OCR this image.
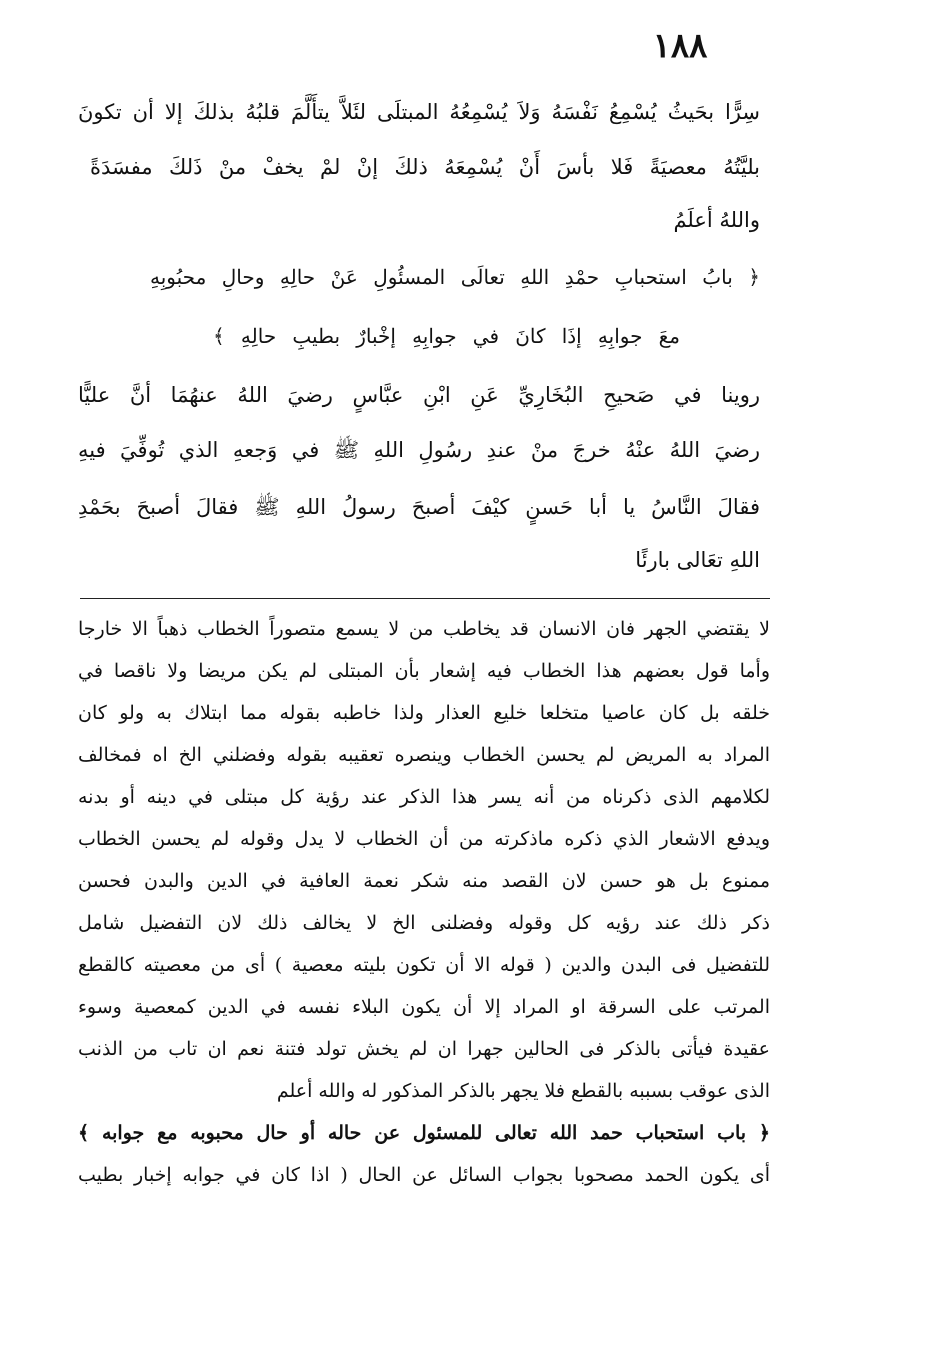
١٨٨
سِرًّا بحَيثُ يُسْمِعُ نَفْسَهُ وَلاَ يُسْمِعُهُ المبتلَى لئَلاَّ يتأَلَّمَ قلبُهُ بذلكَ إلا أن تكونَ
بليَّتُهُ معصيَةً فَلا بأسَ أَنْ يُسْمِعَهُ ذلكَ إنْ لمْ يخفْ منْ ذَلكَ مفسَدَةً
واللهُ أعلَمُ
﴿ بابُ استحبابِ حمْدِ اللهِ تعالَى المسئُولِ عَنْ حالِهِ وحالِ محبُوبِهِ
معَ جوابِهِ إذَا كانَ في جوابِهِ إخْبارٌ بطيبِ حالِهِ ﴾
روينا في صَحيحِ البُخَارِيِّ عَنِ ابْنِ عبَّاسٍ رضيَ اللهُ عنهُمَا أنَّ عليًّا
رضيَ اللهُ عنْهُ خرجَ منْ عندِ رسُولِ اللهِ ﷺ في وَجعهِ الذي تُوفِّيَ فيهِ
فقالَ النَّاسُ يا أبا حَسنٍ كيْفَ أصبحَ رسولُ اللهِ ﷺ فقالَ أصبحَ بحَمْدِ
اللهِ تعَالى بارئًا
لا يقتضي الجهر فان الانسان قد يخاطب من لا يسمع متصوراً الخطاب ذهباً الا خارجا
وأما قول بعضهم هذا الخطاب فيه إشعار بأن المبتلى لم يكن مريضا ولا ناقصا في
خلقه بل كان عاصيا متخلعا خليع العذار ولذا خاطبه بقوله مما ابتلاك به ولو كان
المراد به المريض لم يحسن الخطاب وينصره تعقيبه بقوله وفضلني الخ اه فمخالف
لكلامهم الذى ذكرناه من أنه يسر هذا الذكر عند رؤية كل مبتلى في دينه أو بدنه
ويدفع الاشعار الذي ذكره ماذكرته من أن الخطاب لا يدل وقوله لم يحسن الخطاب
ممنوع بل هو حسن لان القصد منه شكر نعمة العافية في الدين والبدن فحسن
ذكر ذلك عند رؤيه كل وقوله وفضلنى الخ لا يخالف ذلك لان التفضيل شامل
للتفضيل فى البدن والدين ( قوله الا أن تكون بليته معصية ) أى من معصيته كالقطع
المرتب على السرقة او المراد إلا أن يكون البلاء نفسه في الدين كمعصية وسوء
عقيدة فيأتى بالذكر فى الحالين جهرا ان لم يخش تولد فتنة نعم ان تاب من الذنب
الذى عوقب بسببه بالقطع فلا يجهر بالذكر المذكور له والله أعلم
﴿ باب استحباب حمد الله تعالى للمسئول عن حاله أو حال محبوبه مع جوابه ﴾
أى يكون الحمد مصحوبا بجواب السائل عن الحال ( اذا كان في جوابه إخبار بطيب
